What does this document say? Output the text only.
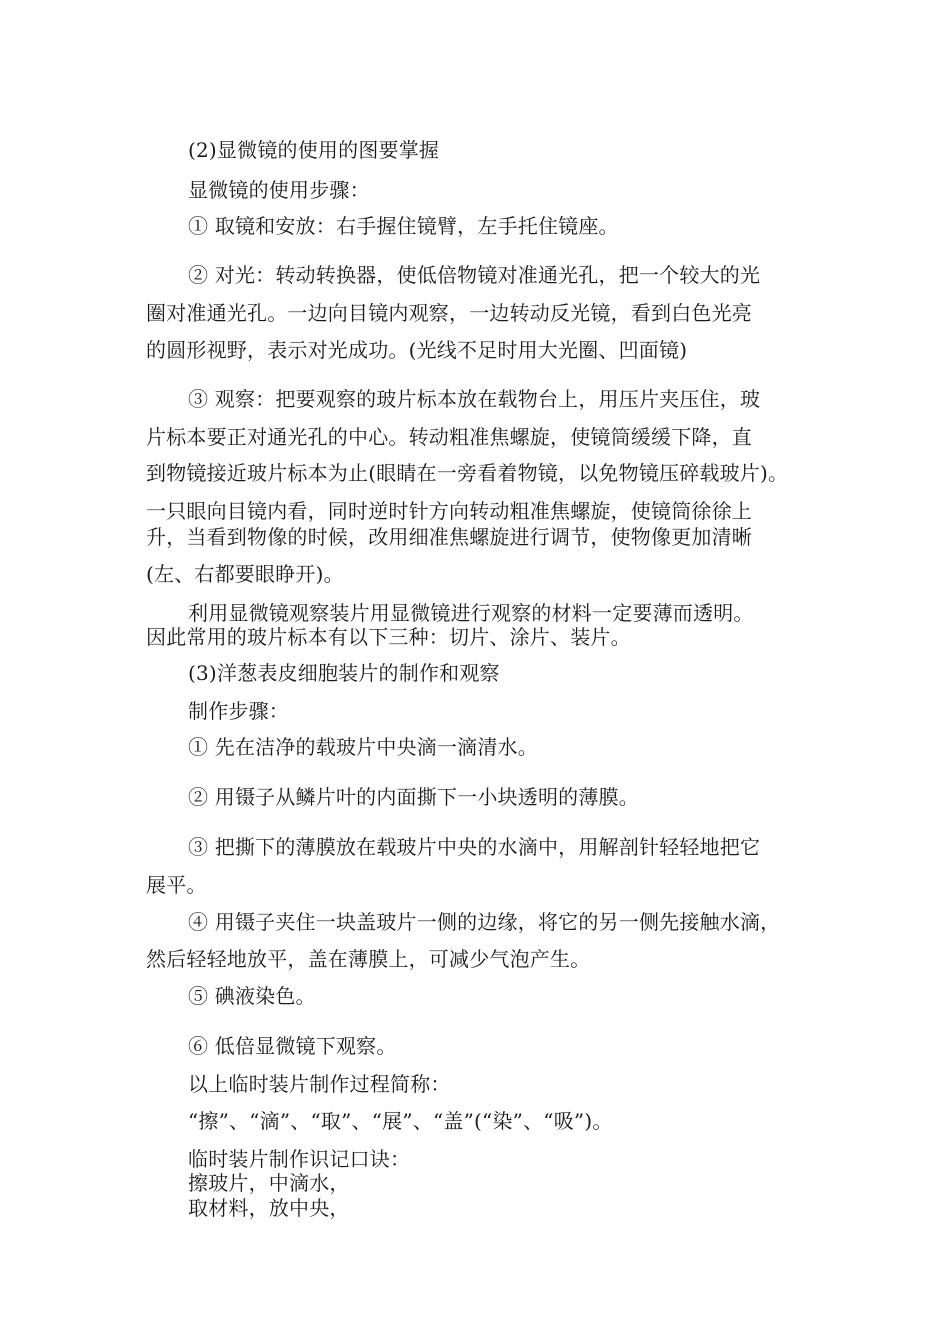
(2)显微镜的使用的图要掌握
显微镜的使用步骤：
① 取镜和安放：右手握住镜臂，左手托住镜座。
② 对光：转动转换器，使低倍物镜对准通光孔，把一个较大的光
圈对准通光孔。一边向目镜内观察，一边转动反光镜，看到白色光亮
的圆形视野，表示对光成功。(光线不足时用大光圈、凹面镜)
③ 观察：把要观察的玻片标本放在载物台上，用压片夹压住，玻
片标本要正对通光孔的中心。转动粗准焦螺旋，使镜筒缓缓下降，直
到物镜接近玻片标本为止(眼睛在一旁看着物镜，以免物镜压碎载玻片)。
一只眼向目镜内看，同时逆时针方向转动粗准焦螺旋，使镜筒徐徐上
升，当看到物像的时候，改用细准焦螺旋进行调节，使物像更加清晰
(左、右都要眼睁开)。
利用显微镜观察装片用显微镜进行观察的材料一定要薄而透明。
因此常用的玻片标本有以下三种：切片、涂片、装片。
(3)洋葱表皮细胞装片的制作和观察
制作步骤：
① 先在洁净的载玻片中央滴一滴清水。
② 用镊子从鳞片叶的内面撕下一小块透明的薄膜。
③ 把撕下的薄膜放在载玻片中央的水滴中，用解剖针轻轻地把它
展平。
④ 用镊子夹住一块盖玻片一侧的边缘，将它的另一侧先接触水滴，
然后轻轻地放平，盖在薄膜上，可减少气泡产生。
⑤ 碘液染色。
⑥ 低倍显微镜下观察。
以上临时装片制作过程简称：
“擦”、“滴”、“取”、“展”、“盖”(“染”、“吸”)。
临时装片制作识记口诀：
擦玻片，中滴水，
取材料，放中央，
